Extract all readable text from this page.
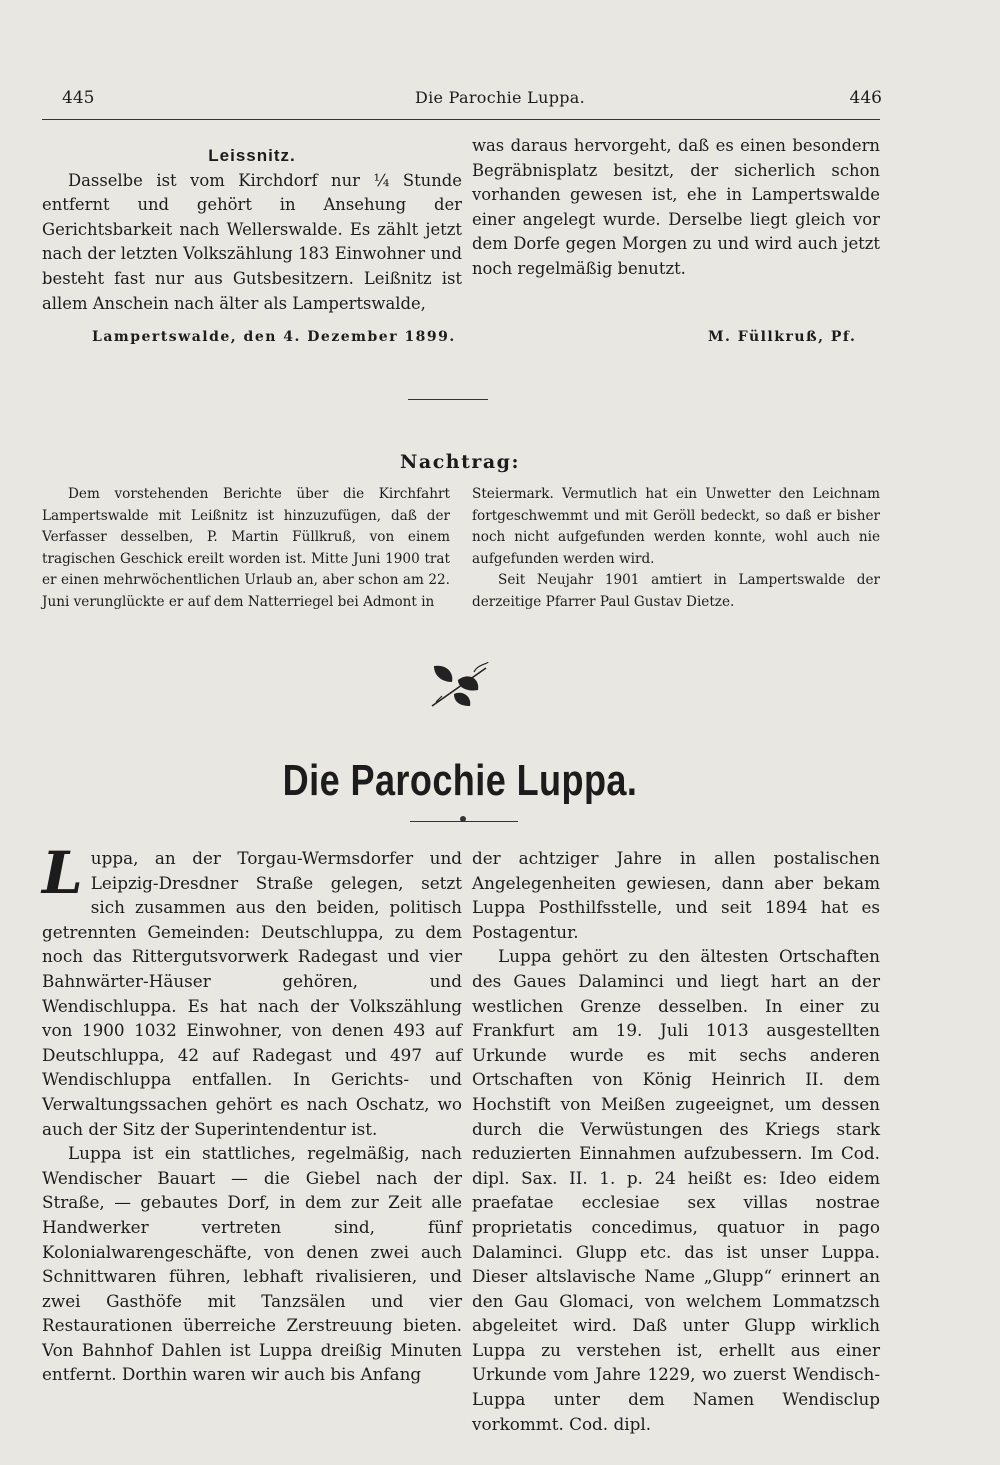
445	Die Parochie Luppa.	446
Leissnitz.

Dasselbe ist vom Kirchdorf nur ¼ Stunde entfernt und gehört in Ansehung der Gerichtsbarkeit nach Wellerswalde. Es zählt jetzt nach der letzten Volkszählung 183 Einwohner und besteht fast nur aus Gutsbesitzern. Leißnitz ist allem Anschein nach älter als Lampertswalde,

was daraus hervorgeht, daß es einen besondern Begräbnisplatz besitzt, der sicherlich schon vorhanden gewesen ist, ehe in Lampertswalde einer angelegt wurde. Derselbe liegt gleich vor dem Dorfe gegen Morgen zu und wird auch jetzt noch regelmäßig benutzt.

Lampertswalde, den 4. Dezember 1899.	M. Füllkruß, Pf.
Nachtrag:

Dem vorstehenden Berichte über die Kirchfahrt Lampertswalde mit Leißnitz ist hinzuzufügen, daß der Verfasser desselben, P. Martin Füllkruß, von einem tragischen Geschick ereilt worden ist. Mitte Juni 1900 trat er einen mehrwöchentlichen Urlaub an, aber schon am 22. Juni verunglückte er auf dem Natterriegel bei Admont in

Steiermark. Vermutlich hat ein Unwetter den Leichnam fortgeschwemmt und mit Geröll bedeckt, so daß er bisher noch nicht aufgefunden werden konnte, wohl auch nie aufgefunden werden wird.

Seit Neujahr 1901 amtiert in Lampertswalde der derzeitige Pfarrer Paul Gustav Dietze.

Die Parochie Luppa.

Luppa, an der Torgau-Wermsdorfer und Leipzig-Dresdner Straße gelegen, setzt sich zusammen aus den beiden, politisch getrennten Gemeinden: Deutschluppa, zu dem noch das Rittergutsvorwerk Radegast und vier Bahnwärter-Häuser gehören, und Wendischluppa. Es hat nach der Volkszählung von 1900 1032 Einwohner, von denen 493 auf Deutschluppa, 42 auf Radegast und 497 auf Wendischluppa entfallen. In Gerichts- und Verwaltungssachen gehört es nach Oschatz, wo auch der Sitz der Superintendentur ist.

Luppa ist ein stattliches, regelmäßig, nach Wendischer Bauart — die Giebel nach der Straße, — gebautes Dorf, in dem zur Zeit alle Handwerker vertreten sind, fünf Kolonialwarengeschäfte, von denen zwei auch Schnittwaren führen, lebhaft rivalisieren, und zwei Gasthöfe mit Tanzsälen und vier Restaurationen überreiche Zerstreuung bieten. Von Bahnhof Dahlen ist Luppa dreißig Minuten entfernt. Dorthin waren wir auch bis Anfang

der achtziger Jahre in allen postalischen Angelegenheiten gewiesen, dann aber bekam Luppa Posthilfsstelle, und seit 1894 hat es Postagentur.

Luppa gehört zu den ältesten Ortschaften des Gaues Dalaminci und liegt hart an der westlichen Grenze desselben. In einer zu Frankfurt am 19. Juli 1013 ausgestellten Urkunde wurde es mit sechs anderen Ortschaften von König Heinrich II. dem Hochstift von Meißen zugeeignet, um dessen durch die Verwüstungen des Kriegs stark reduzierten Einnahmen aufzubessern. Im Cod. dipl. Sax. II. 1. p. 24 heißt es: Ideo eidem praefatae ecclesiae sex villas nostrae proprietatis concedimus, quatuor in pago Dalaminci. Glupp etc. das ist unser Luppa. Dieser altslavische Name „Glupp“ erinnert an den Gau Glomaci, von welchem Lommatzsch abgeleitet wird. Daß unter Glupp wirklich Luppa zu verstehen ist, erhellt aus einer Urkunde vom Jahre 1229, wo zuerst Wendisch-Luppa unter dem Namen Wendisclup vorkommt. Cod. dipl.
